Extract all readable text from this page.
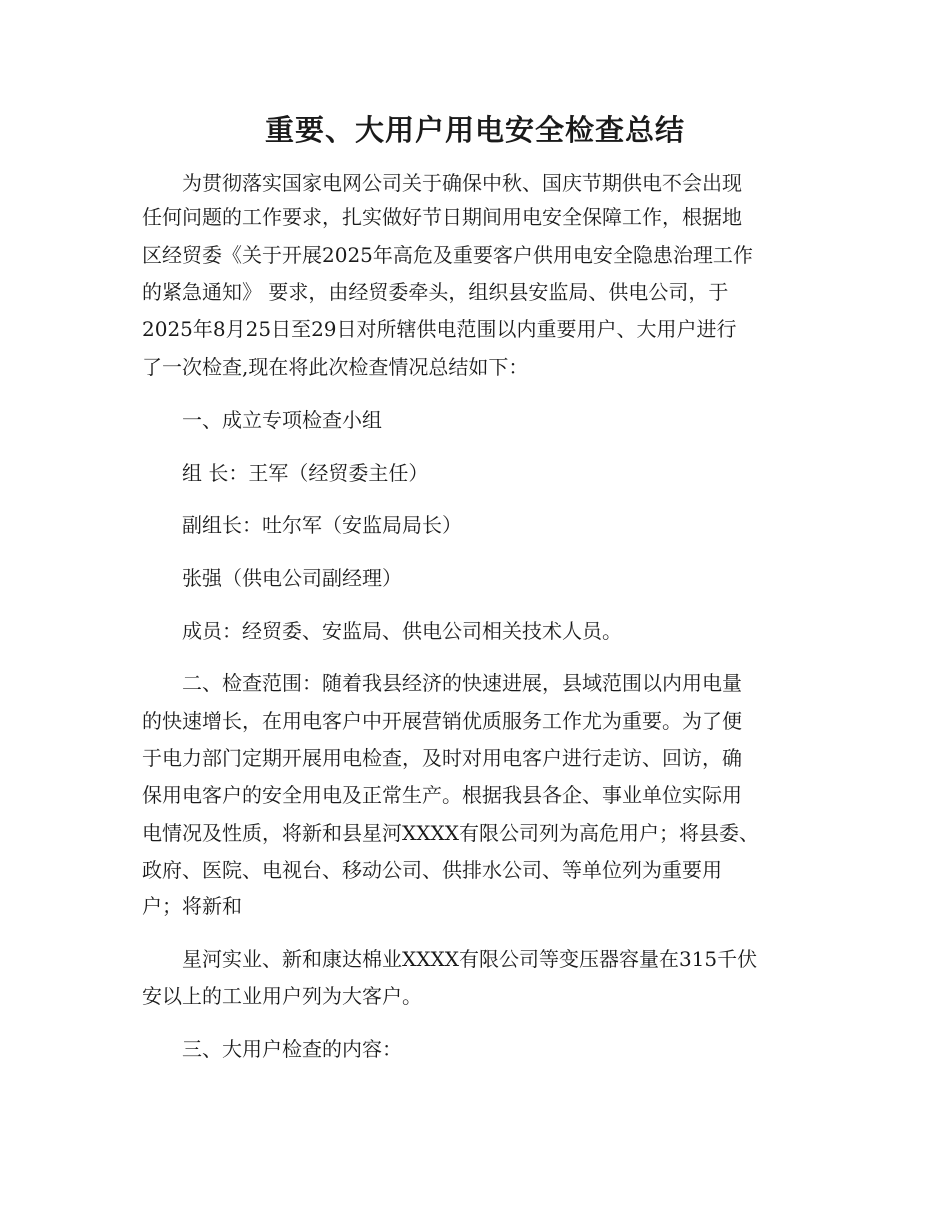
重要、大用户用电安全检查总结
　　为贯彻落实国家电网公司关于确保中秋、国庆节期供电不会出现
任何问题的工作要求，扎实做好节日期间用电安全保障工作，根据地
区经贸委《关于开展2025年高危及重要客户供用电安全隐患治理工作
的紧急通知》 要求，由经贸委牵头，组织县安监局、供电公司，于
2025年8月25日至29日对所辖供电范围以内重要用户、大用户进行
了一次检查,现在将此次检查情况总结如下：
　　一、成立专项检查小组
　　组 长：王军（经贸委主任）
　　副组长：吐尔军（安监局局长）
　　张强（供电公司副经理）
　　成员：经贸委、安监局、供电公司相关技术人员。
　　二、检查范围：随着我县经济的快速进展，县域范围以内用电量
的快速增长，在用电客户中开展营销优质服务工作尤为重要。为了便
于电力部门定期开展用电检查，及时对用电客户进行走访、回访，确
保用电客户的安全用电及正常生产。根据我县各企、事业单位实际用
电情况及性质，将新和县星河XXXX有限公司列为高危用户；将县委、
政府、医院、电视台、移动公司、供排水公司、等单位列为重要用
户；将新和
　　星河实业、新和康达棉业XXXX有限公司等变压器容量在315千伏
安以上的工业用户列为大客户。
　　三、大用户检查的内容：
